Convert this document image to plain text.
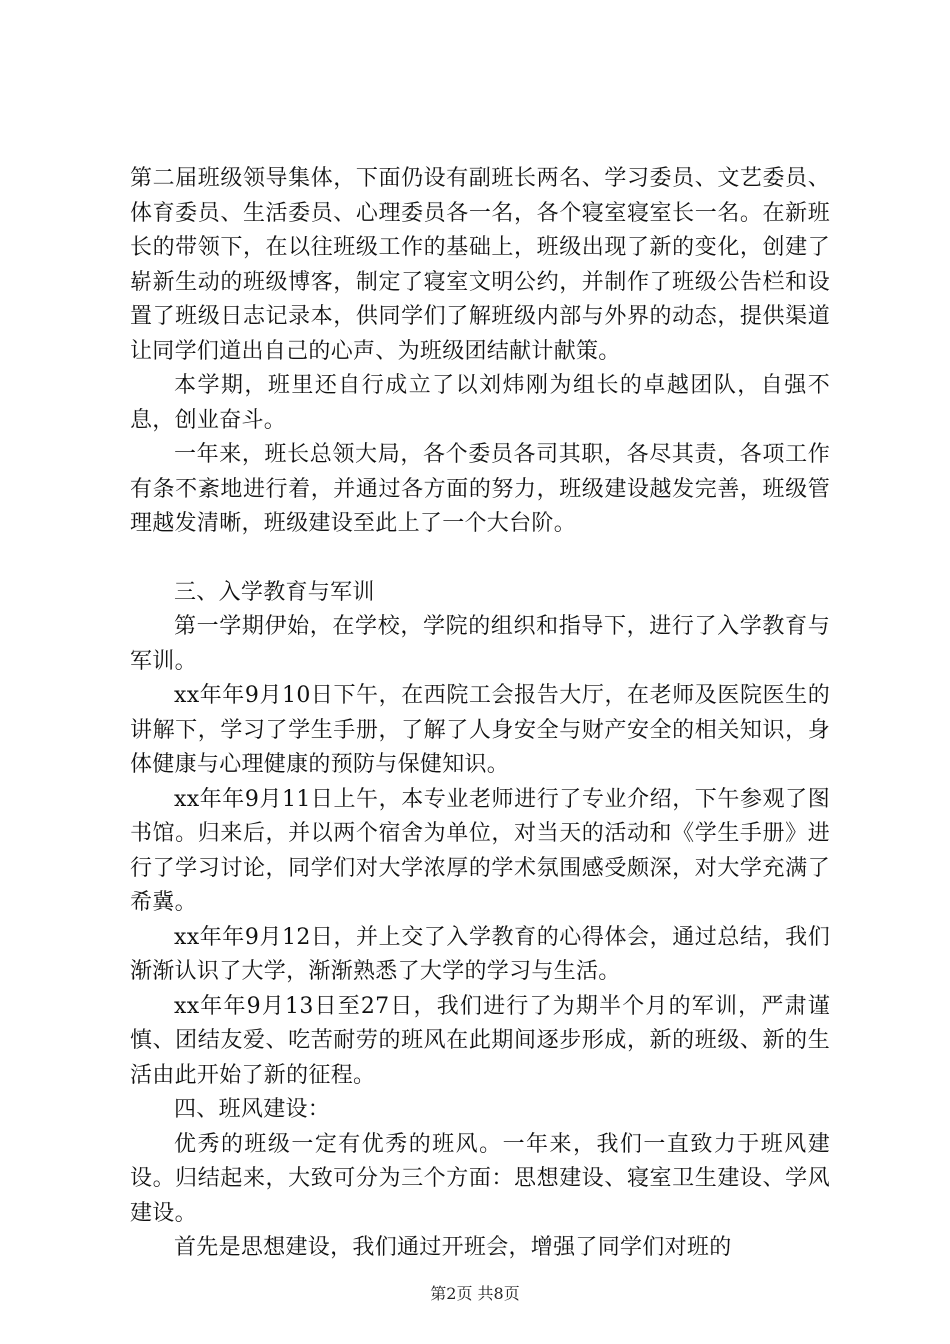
第二届班级领导集体，下面仍设有副班长两名、学习委员、文艺委员、体育委员、生活委员、心理委员各一名，各个寝室寝室长一名。在新班长的带领下，在以往班级工作的基础上，班级出现了新的变化，创建了崭新生动的班级博客，制定了寝室文明公约，并制作了班级公告栏和设置了班级日志记录本，供同学们了解班级内部与外界的动态，提供渠道让同学们道出自己的心声、为班级团结献计献策。

本学期，班里还自行成立了以刘炜刚为组长的卓越团队，自强不息，创业奋斗。

一年来，班长总领大局，各个委员各司其职，各尽其责，各项工作有条不紊地进行着，并通过各方面的努力，班级建设越发完善，班级管理越发清晰，班级建设至此上了一个大台阶。

三、入学教育与军训

第一学期伊始，在学校，学院的组织和指导下，进行了入学教育与军训。

xx年年9月10日下午，在西院工会报告大厅，在老师及医院医生的讲解下，学习了学生手册，了解了人身安全与财产安全的相关知识，身体健康与心理健康的预防与保健知识。

xx年年9月11日上午，本专业老师进行了专业介绍，下午参观了图书馆。归来后，并以两个宿舍为单位，对当天的活动和《学生手册》进行了学习讨论，同学们对大学浓厚的学术氛围感受颇深，对大学充满了希冀。

xx年年9月12日，并上交了入学教育的心得体会，通过总结，我们渐渐认识了大学，渐渐熟悉了大学的学习与生活。

xx年年9月13日至27日，我们进行了为期半个月的军训，严肃谨慎、团结友爱、吃苦耐劳的班风在此期间逐步形成，新的班级、新的生活由此开始了新的征程。

四、班风建设：

优秀的班级一定有优秀的班风。一年来，我们一直致力于班风建设。归结起来，大致可分为三个方面：思想建设、寝室卫生建设、学风建设。

首先是思想建设，我们通过开班会，增强了同学们对班的

第2页 共8页
